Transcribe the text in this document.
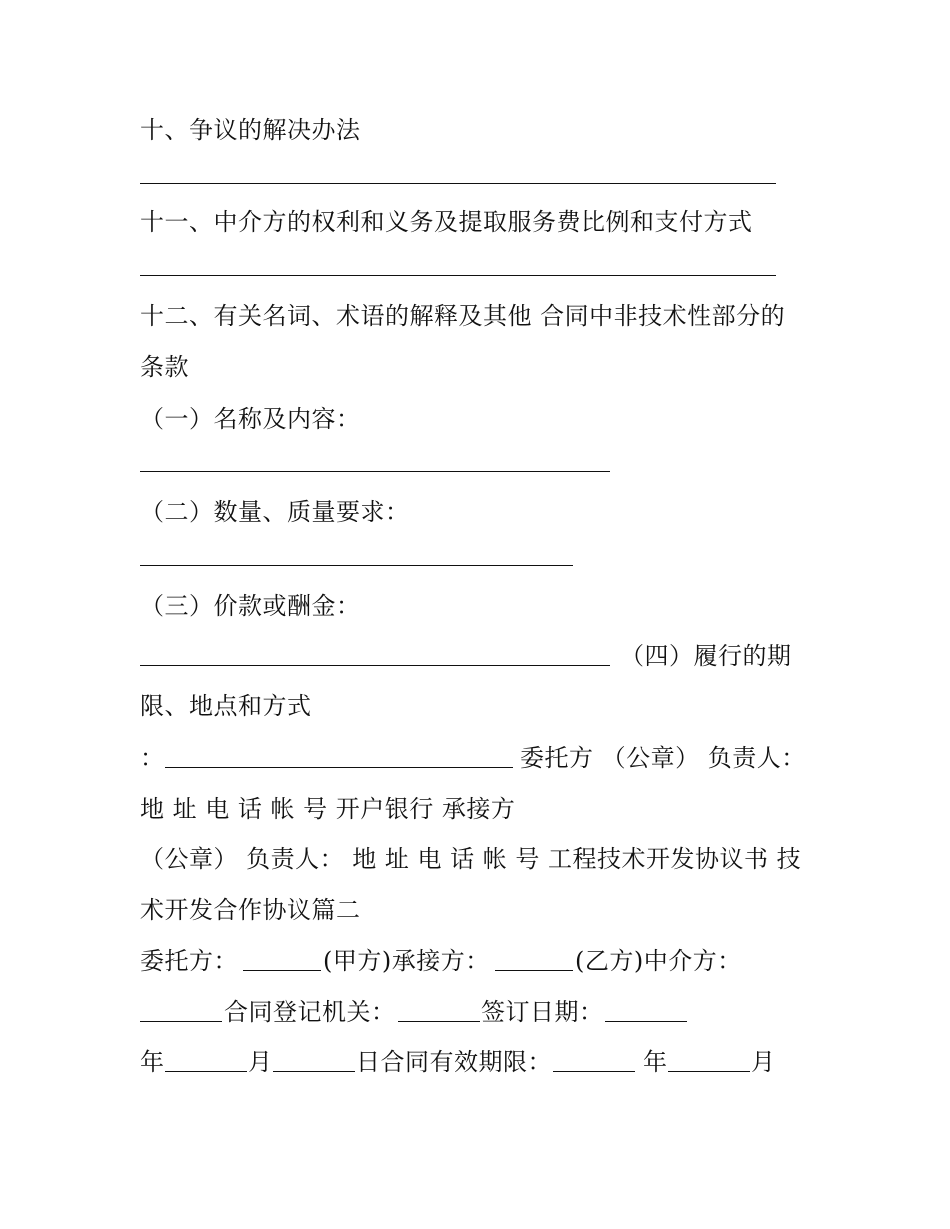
十、争议的解决办法
十一、中介方的权利和义务及提取服务费比例和支付方式
十二、有关名词、术语的解释及其他 合同中非技术性部分的
条款
（一）名称及内容：
（二）数量、质量要求：
（三）价款或酬金：
（四）履行的期
限、地点和方式
：	委托方 （公章） 负责人：
地 址 电 话 帐 号 开户银行 承接方
（公章） 负责人： 地 址 电 话 帐 号 工程技术开发协议书 技
术开发合作协议篇二
委托方：	(甲方)承接方：	(乙方)中介方：
合同登记机关：	签订日期：
年	月	日合同有效期限：	年	月
